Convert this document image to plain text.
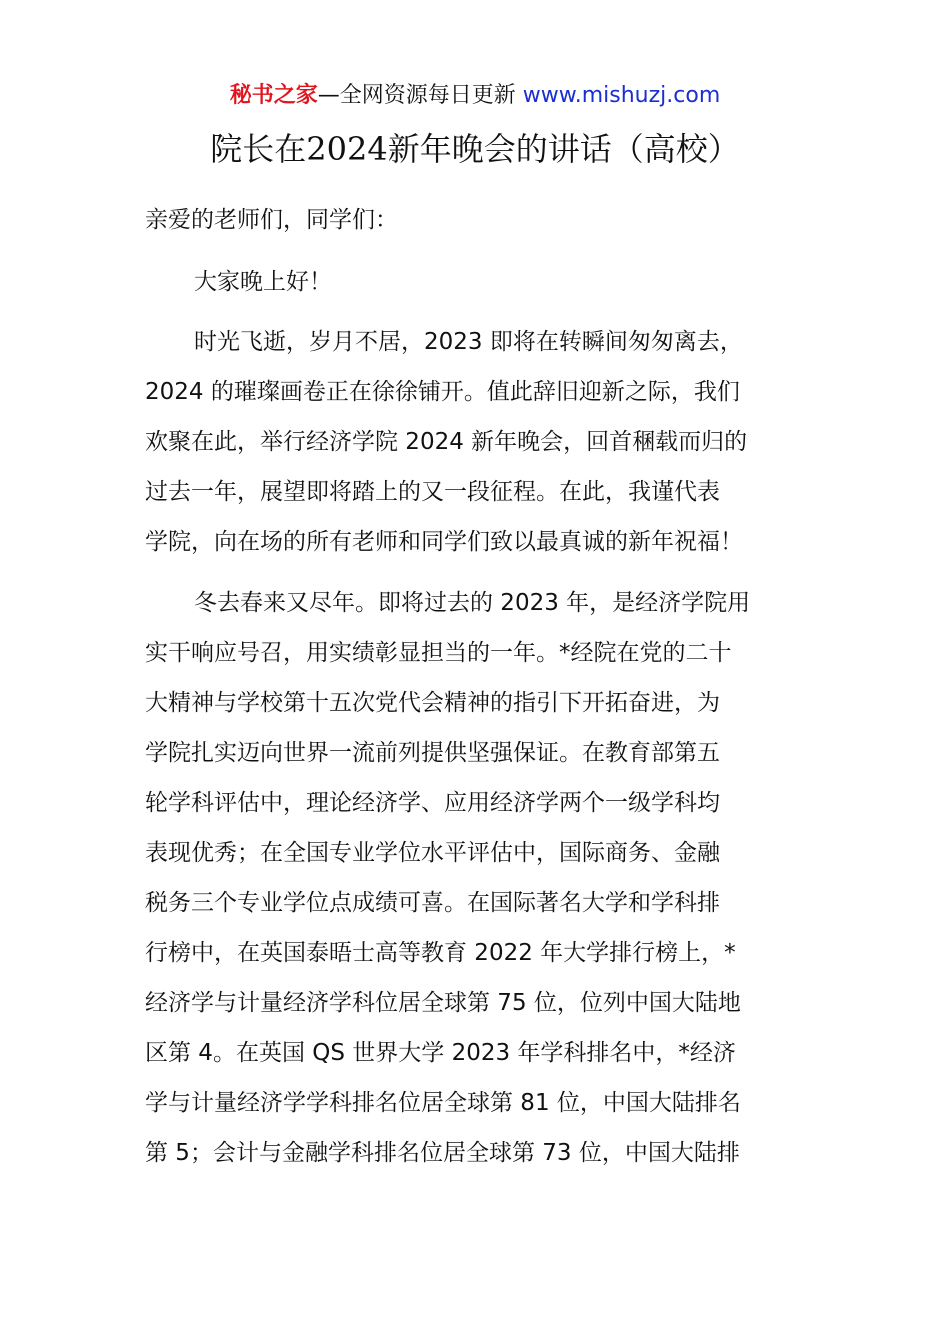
秘书之家—全网资源每日更新 www.mishuzj.com
院长在2024新年晚会的讲话（高校）
亲爱的老师们，同学们：
大家晚上好！
时光飞逝，岁月不居，2023 即将在转瞬间匆匆离去，
2024 的璀璨画卷正在徐徐铺开。值此辞旧迎新之际，我们
欢聚在此，举行经济学院 2024 新年晚会，回首稛载而归的
过去一年，展望即将踏上的又一段征程。在此，我谨代表
学院，向在场的所有老师和同学们致以最真诚的新年祝福！
冬去春来又尽年。即将过去的 2023 年，是经济学院用
实干响应号召，用实绩彰显担当的一年。*经院在党的二十
大精神与学校第十五次党代会精神的指引下开拓奋进，为
学院扎实迈向世界一流前列提供坚强保证。在教育部第五
轮学科评估中，理论经济学、应用经济学两个一级学科均
表现优秀；在全国专业学位水平评估中，国际商务、金融
税务三个专业学位点成绩可喜。在国际著名大学和学科排
行榜中，在英国泰晤士高等教育 2022 年大学排行榜上，*
经济学与计量经济学科位居全球第 75 位，位列中国大陆地
区第 4。在英国 QS 世界大学 2023 年学科排名中，*经济
学与计量经济学学科排名位居全球第 81 位，中国大陆排名
第 5；会计与金融学科排名位居全球第 73 位，中国大陆排
